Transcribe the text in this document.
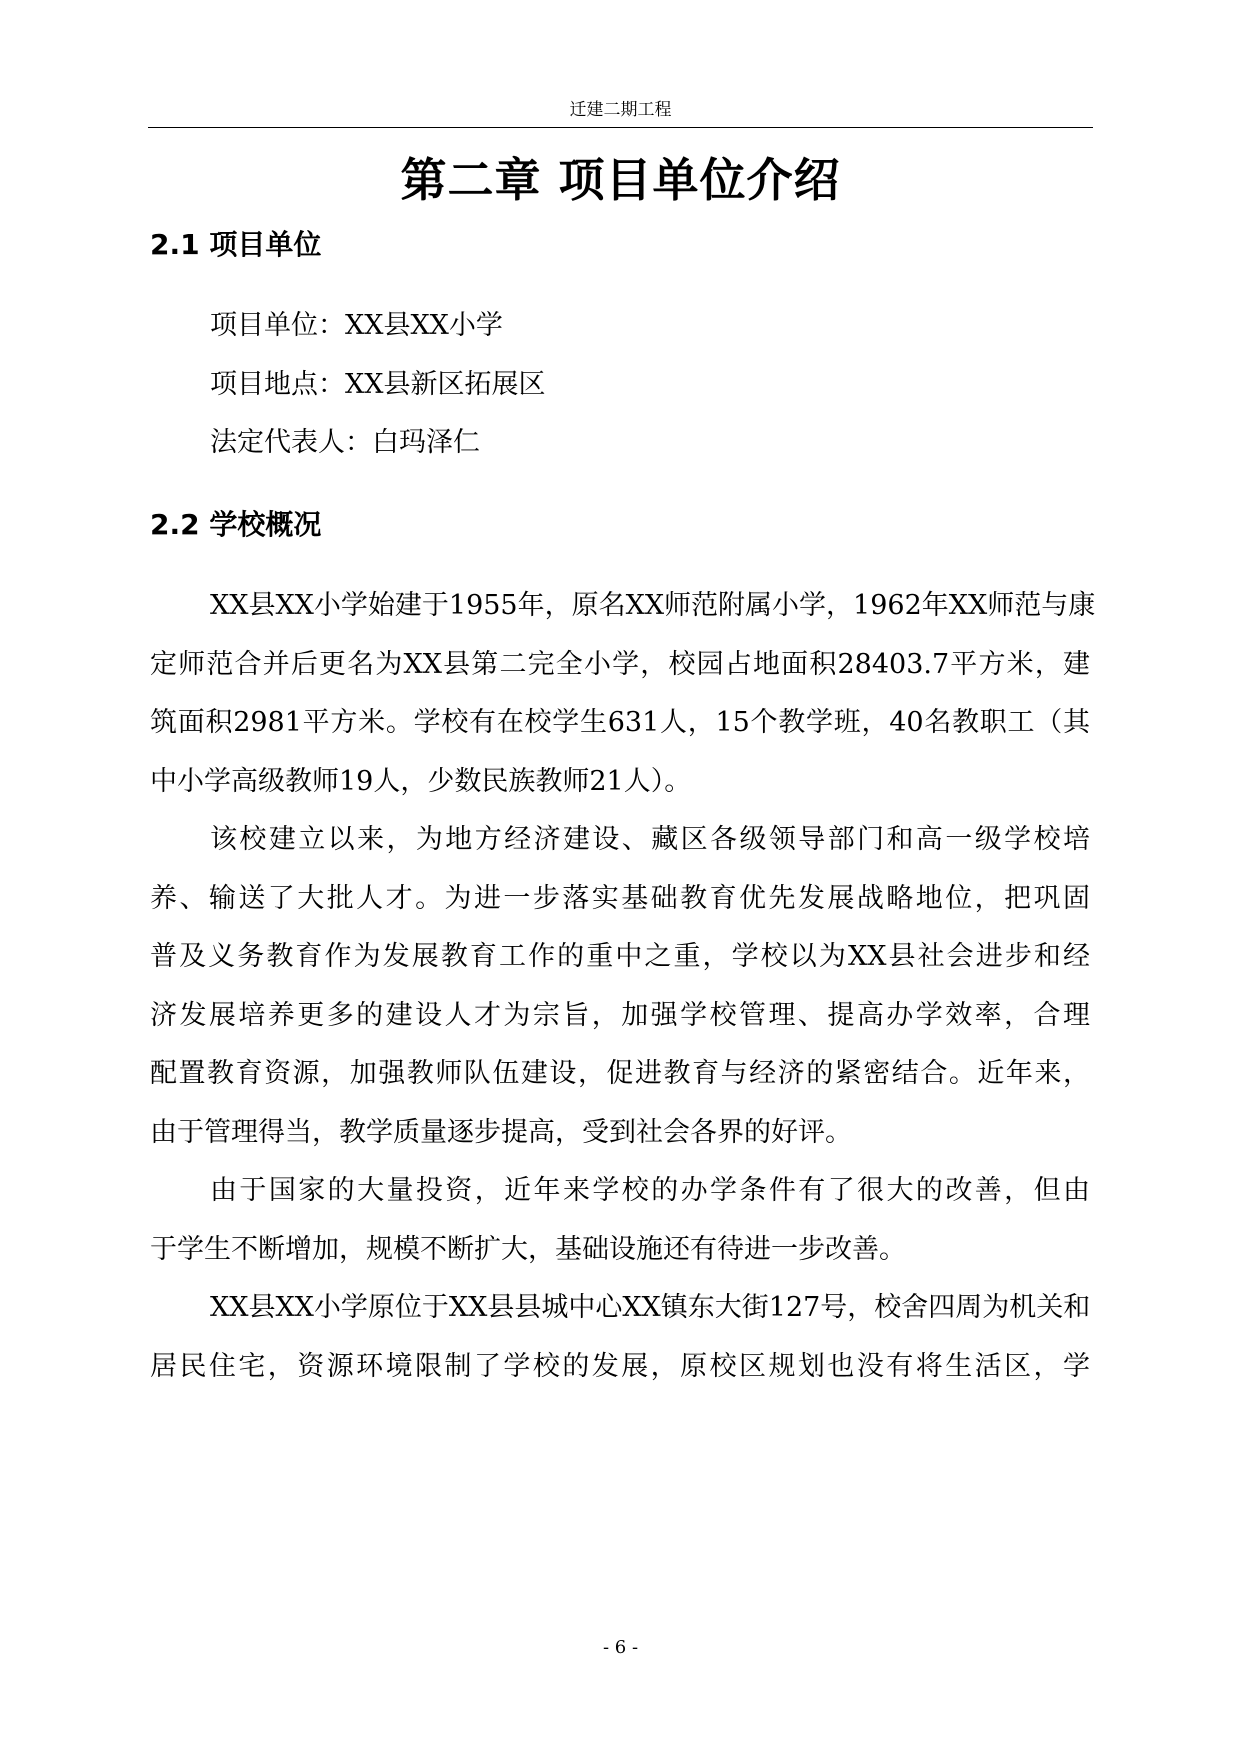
迁建二期工程
第二章 项目单位介绍
2.1 项目单位
项目单位：XX县XX小学
项目地点：XX县新区拓展区
法定代表人：白玛泽仁
2.2 学校概况
XX县XX小学始建于1955年，原名XX师范附属小学，1962年XX师范与康
定师范合并后更名为XX县第二完全小学，校园占地面积28403.7平方米，建
筑面积2981平方米。学校有在校学生631人，15个教学班，40名教职工（其
中小学高级教师19人，少数民族教师21人）。
该校建立以来，为地方经济建设、藏区各级领导部门和高一级学校培
养、输送了大批人才。为进一步落实基础教育优先发展战略地位，把巩固
普及义务教育作为发展教育工作的重中之重，学校以为XX县社会进步和经
济发展培养更多的建设人才为宗旨，加强学校管理、提高办学效率，合理
配置教育资源，加强教师队伍建设，促进教育与经济的紧密结合。近年来，
由于管理得当，教学质量逐步提高，受到社会各界的好评。
由于国家的大量投资，近年来学校的办学条件有了很大的改善，但由
于学生不断增加，规模不断扩大，基础设施还有待进一步改善。
XX县XX小学原位于XX县县城中心XX镇东大街127号，校舍四周为机关和
居民住宅，资源环境限制了学校的发展，原校区规划也没有将生活区，学
- 6 -
